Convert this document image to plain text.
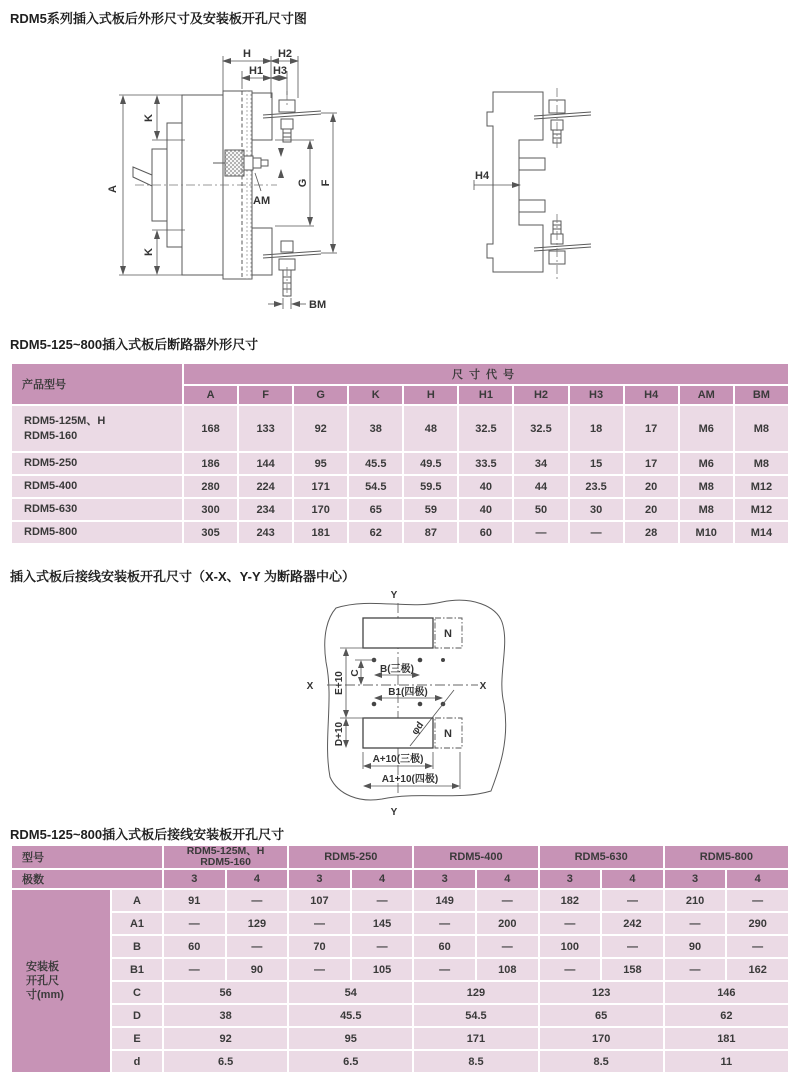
RDM5系列插入式板后外形尺寸及安装板开孔尺寸图
H H2
H1 H3
A
K
K
G F
AM
BM
H4
RDM5-125~800插入式板后断路器外形尺寸
产品型号	尺寸代号										
	A	F	G	K	H	H1	H2	H3	H4	AM	BM

RDM5-125M、H
RDM5-160	168	133	92	38	48	32.5	32.5	18	17	M6	M8

RDM5-250	186	144	95	45.5	49.5	33.5	34	15	17	M6	M8

RDM5-400	280	224	171	54.5	59.5	40	44	23.5	20	M8	M12

RDM5-630	300	234	170	65	59	40	50	30	20	M8	M12

RDM5-800	305	243	181	62	87	60	—	—	28	M10	M14
插入式板后接线安装板开孔尺寸（X-X、Y-Y 为断路器中心）
Y
Y
X	X
N
N
E+10 C
D+10
B(三极)
B1(四极)
A+10(三极)
A1+10(四极)
φd
RDM5-125~800插入式板后接线安装板开孔尺寸
型号		RDM5-125M、H
RDM5-160		RDM5-250		RDM5-400		RDM5-630		RDM5-800	
极数		3	4	3	4	3	4	3	4	3	4

安装板
开孔尺
寸(mm)	A	91	—	107	—	149	—	182	—	210	—
	A1	—	129	—	145	—	200	—	242	—	290
	B	60	—	70	—	60	—	100	—	90	—
	B1	—	90	—	105	—	108	—	158	—	162
	C	56		54		129		123		146	
	D	38		45.5		54.5		65		62	
	E	92		95		171		170		181	
	d	6.5		6.5		8.5		8.5		11	
